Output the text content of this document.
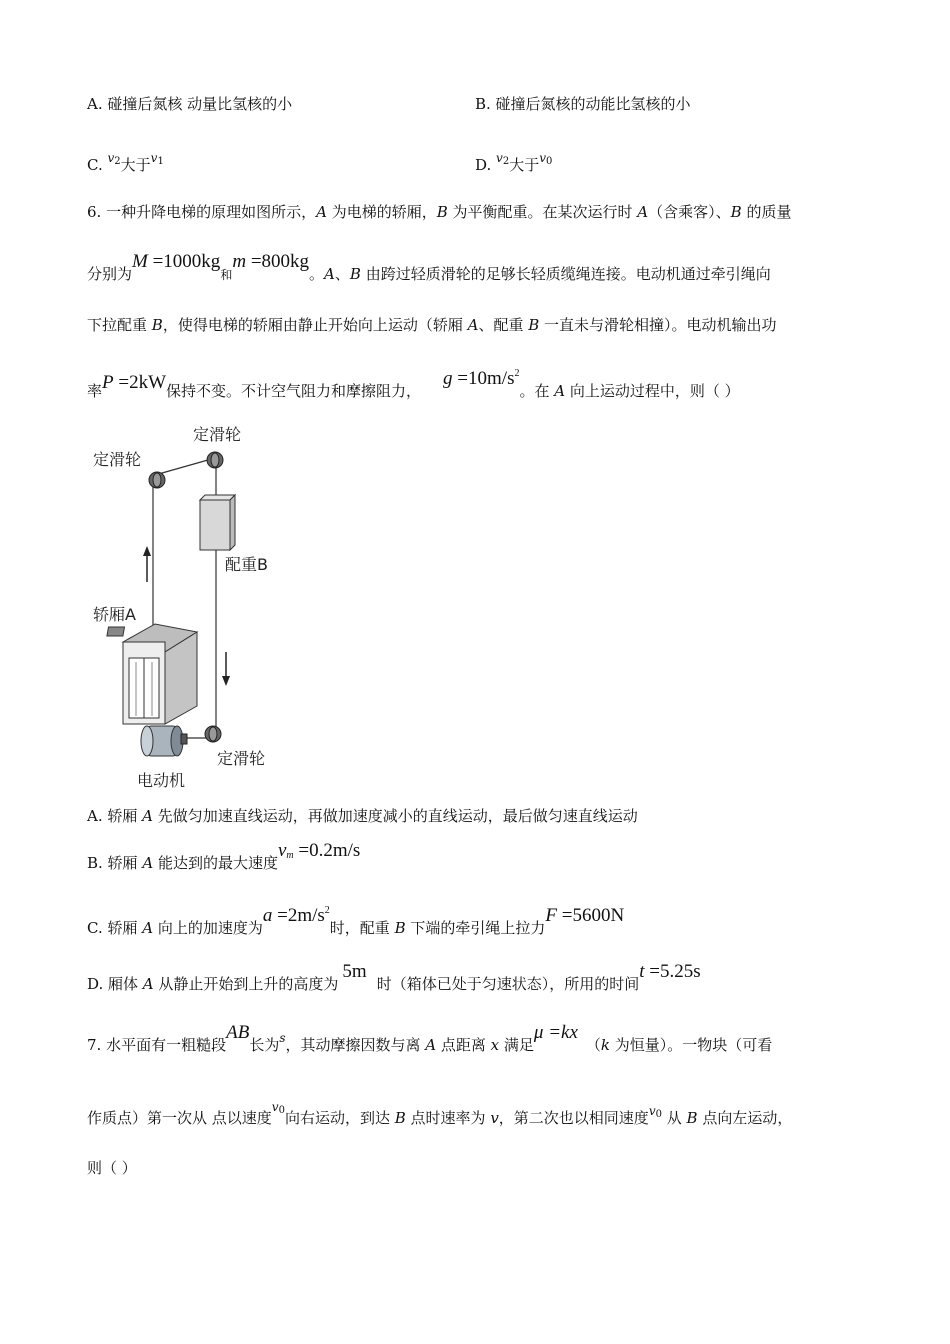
A. 碰撞后氮核 动量比氢核的小	B. 碰撞后氮核的动能比氢核的小
C. $^{v2}$大于$^{v1}$	D. $^{v2}$大于$^{v0}$
6. 一种升降电梯的原理如图所示，A 为电梯的轿厢，B 为平衡配重。在某次运行时 A（含乘客）、B 的质量
分别为M =1000kg和m =800kg。A、B 由跨过轻质滑轮的足够长轻质缆绳连接。电动机通过牵引绳向
下拉配重 B，使得电梯的轿厢由静止开始向上运动（轿厢 A、配重 B 一直未与滑轮相撞）。电动机输出功
率P =2kW保持不变。不计空气阻力和摩擦阻力，$g =10m/s^2$。在 A 向上运动过程中，则（ ）
定滑轮
定滑轮
配重B
轿厢A
定滑轮
电动机
A. 轿厢 A 先做匀加速直线运动，再做加速度减小的直线运动，最后做匀速直线运动
B. 轿厢 A 能达到的最大速度$v_m =0.2m/s$
C. 轿厢 A 向上的加速度为$a =2m/s^2$时，配重 B 下端的牵引绳上拉力F =5600N
D. 厢体 A 从静止开始到上升的高度为5m时（箱体已处于匀速状态），所用的时间t =5.25s
7. 水平面有一粗糙段AB长为$^s$，其动摩擦因数与离 A 点距离 x 满足μ =kx（k 为恒量）。一物块（可看
作质点）第一次从 点以速度$^{v0}$向右运动，到达 B 点时速率为 v，第二次也以相同速度$^{v0}$ 从 B 点向左运动，
则（ ）
